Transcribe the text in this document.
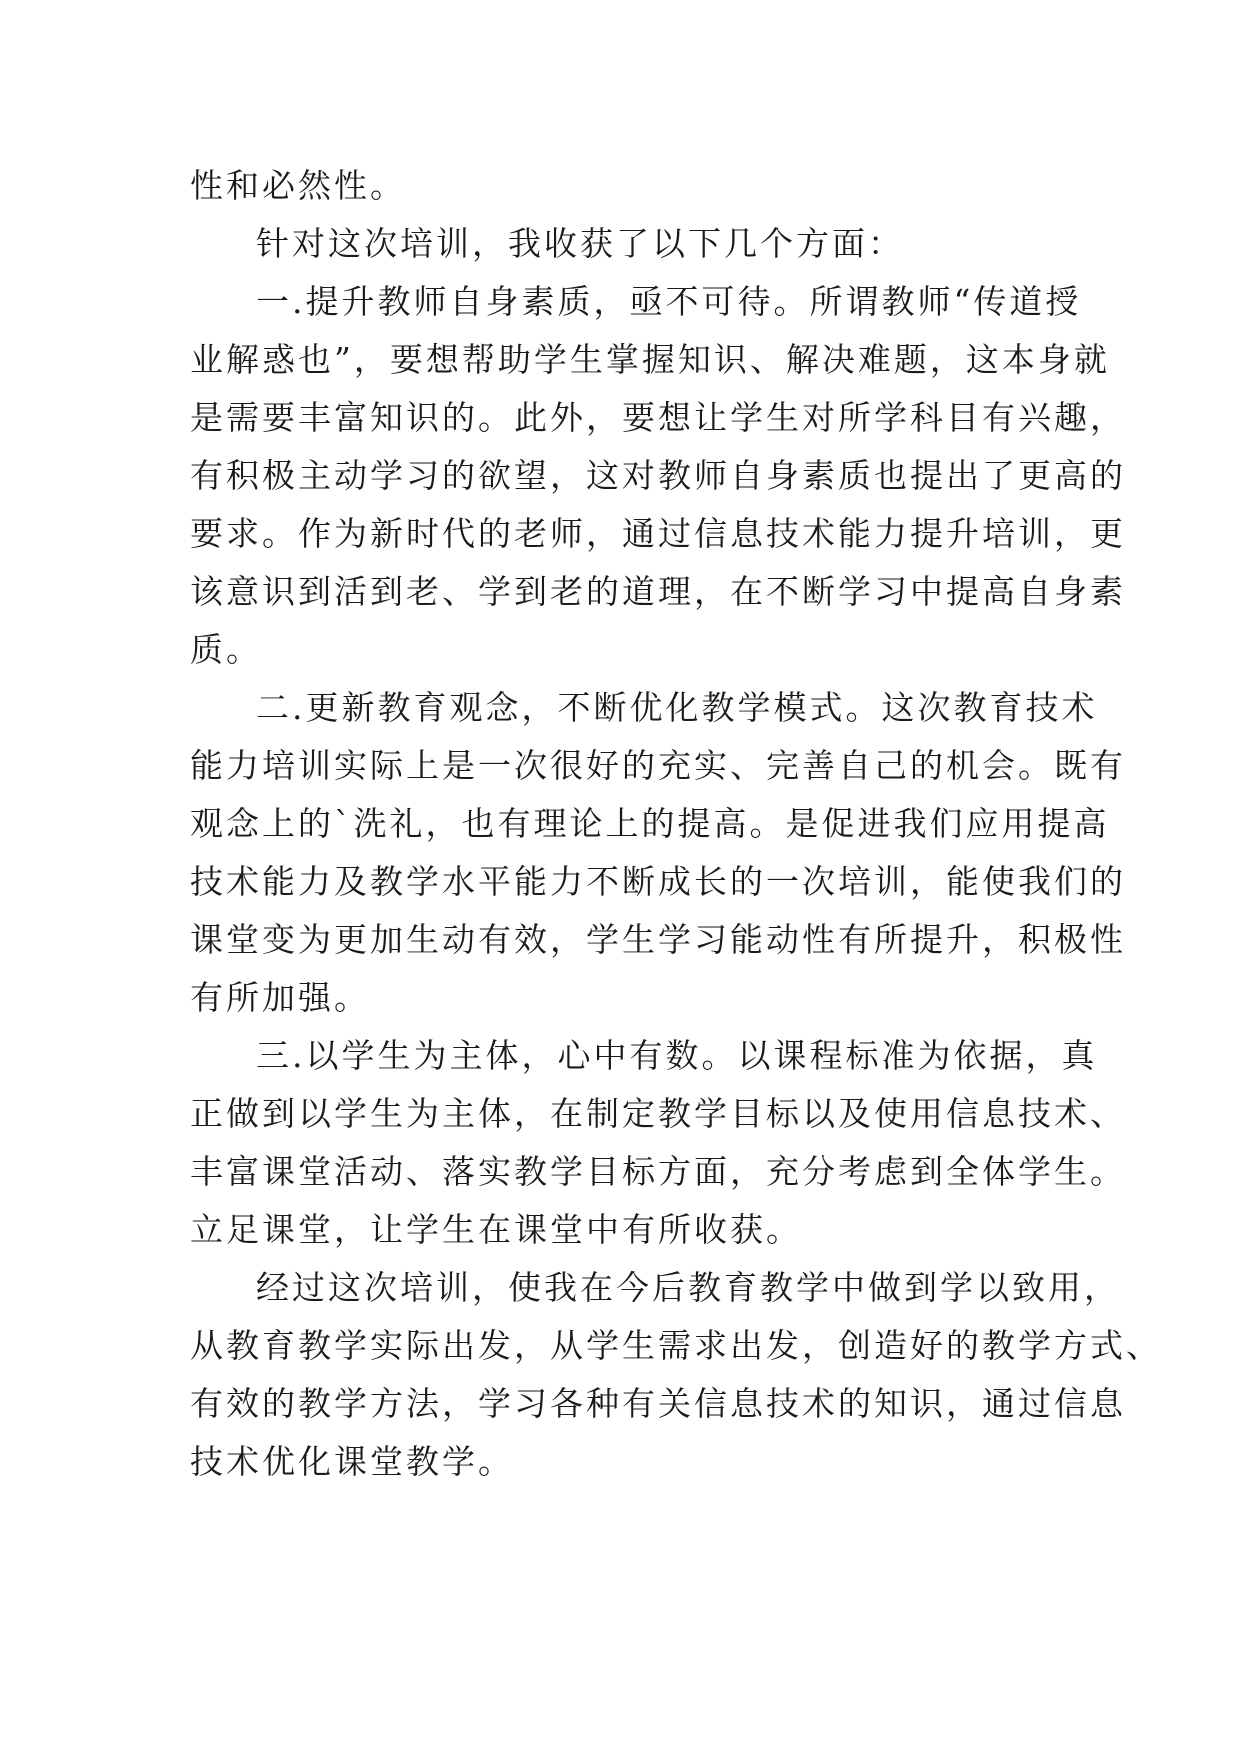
性和必然性。
针对这次培训，我收获了以下几个方面：
一.提升教师自身素质，亟不可待。所谓教师“传道授
业解惑也”，要想帮助学生掌握知识、解决难题，这本身就
是需要丰富知识的。此外，要想让学生对所学科目有兴趣，
有积极主动学习的欲望，这对教师自身素质也提出了更高的
要求。作为新时代的老师，通过信息技术能力提升培训，更
该意识到活到老、学到老的道理，在不断学习中提高自身素
质。
二.更新教育观念，不断优化教学模式。这次教育技术
能力培训实际上是一次很好的充实、完善自己的机会。既有
观念上的`洗礼，也有理论上的提高。是促进我们应用提高
技术能力及教学水平能力不断成长的一次培训，能使我们的
课堂变为更加生动有效，学生学习能动性有所提升，积极性
有所加强。
三.以学生为主体，心中有数。以课程标准为依据，真
正做到以学生为主体，在制定教学目标以及使用信息技术、
丰富课堂活动、落实教学目标方面，充分考虑到全体学生。
立足课堂，让学生在课堂中有所收获。
经过这次培训，使我在今后教育教学中做到学以致用，
从教育教学实际出发，从学生需求出发，创造好的教学方式、
有效的教学方法，学习各种有关信息技术的知识，通过信息
技术优化课堂教学。
